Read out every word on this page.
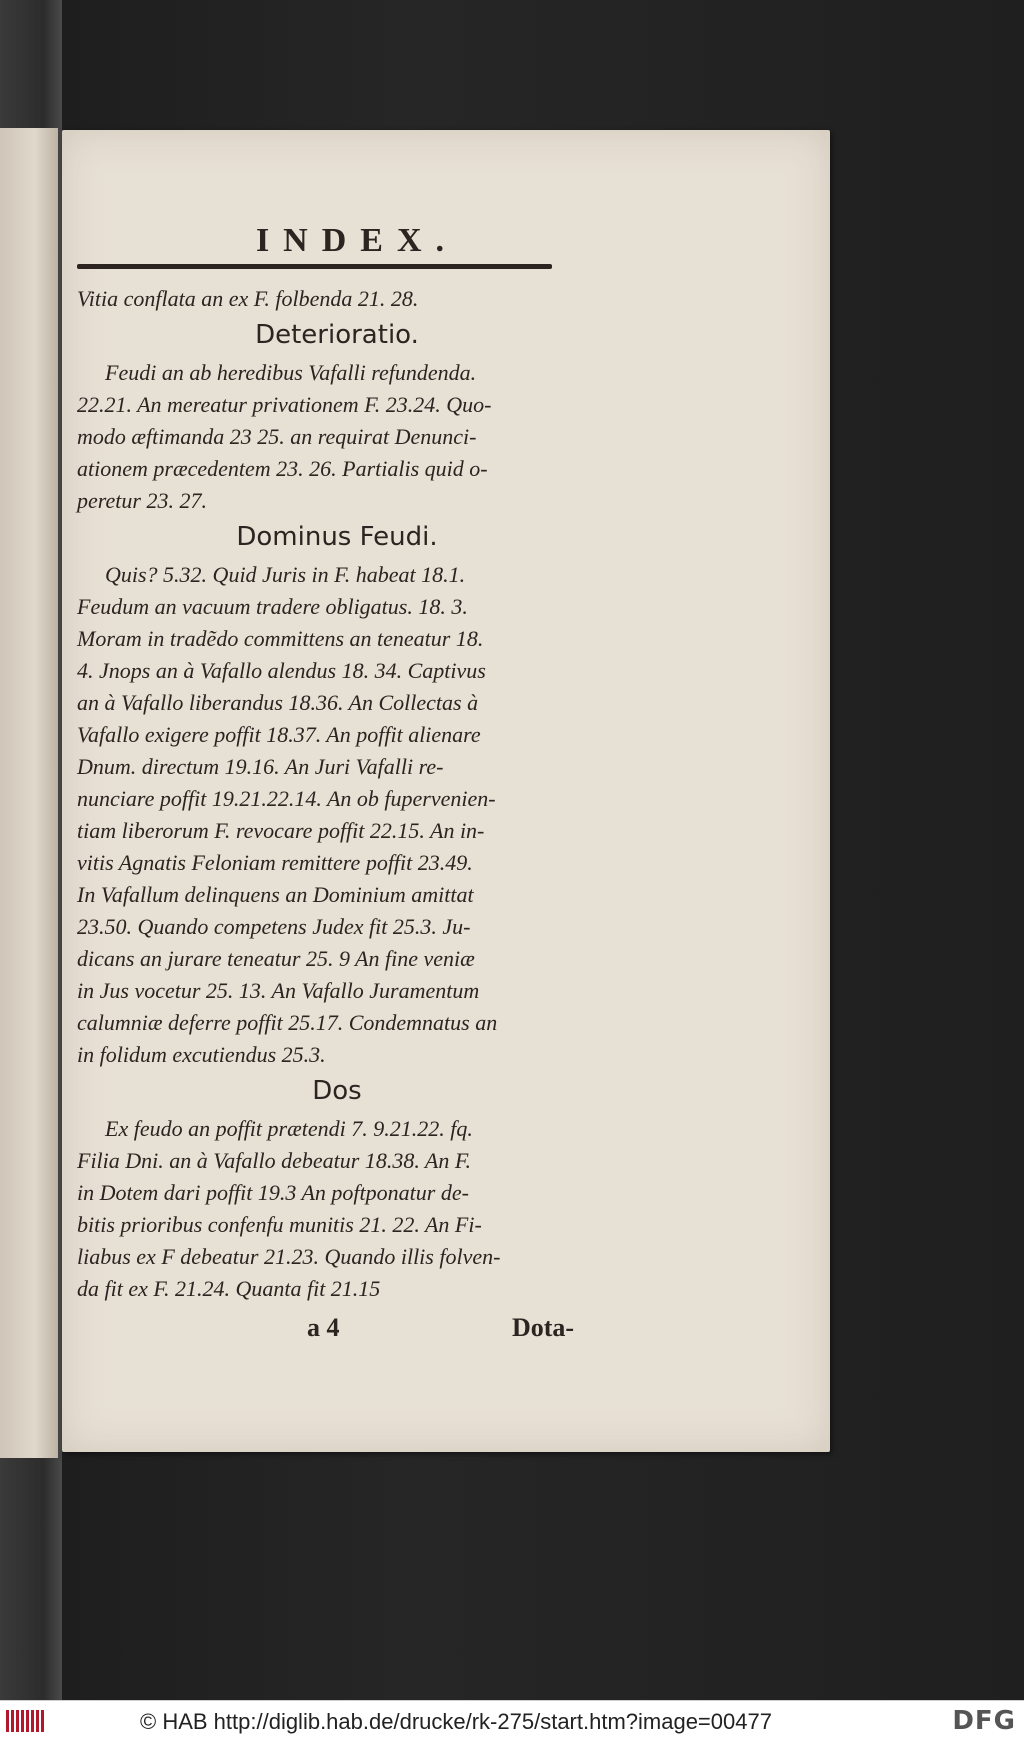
INDEX.
Vitia conflata an ex F. folbenda 21. 28.
Deterioratio.
Feudi an ab heredibus Vafalli refundenda.
22.21. An mereatur privationem F. 23.24. Quo-
modo æftimanda 23 25. an requirat Denunci-
ationem præcedentem 23. 26. Partialis quid o-
peretur 23. 27.
Dominus Feudi.
Quis? 5.32. Quid Juris in F. habeat 18.1.
Feudum an vacuum tradere obligatus. 18. 3.
Moram in tradẽdo committens an teneatur 18.
4. Jnops an à Vafallo alendus 18. 34. Captivus
an à Vafallo liberandus 18.36. An Collectas à
Vafallo exigere poffit 18.37. An poffit alienare
Dnum. directum 19.16. An Juri Vafalli re-
nunciare poffit 19.21.22.14. An ob fupervenien-
tiam liberorum F. revocare poffit 22.15. An in-
vitis Agnatis Feloniam remittere poffit 23.49.
In Vafallum delinquens an Dominium amittat
23.50. Quando competens Judex fit 25.3. Ju-
dicans an jurare teneatur 25. 9 An fine veniæ
in Jus vocetur 25. 13. An Vafallo Juramentum
calumniæ deferre poffit 25.17. Condemnatus an
in folidum excutiendus 25.3.
Dos
Ex feudo an poffit prætendi 7. 9.21.22. fq.
Filia Dni. an à Vafallo debeatur 18.38. An F.
in Dotem dari poffit 19.3 An poftponatur de-
bitis prioribus confenfu munitis 21. 22. An Fi-
liabus ex F debeatur 21.23. Quando illis folven-
da fit ex F. 21.24. Quanta fit 21.15
a 4	Dota-
© HAB http://diglib.hab.de/drucke/rk-275/start.htm?image=00477	DFG
